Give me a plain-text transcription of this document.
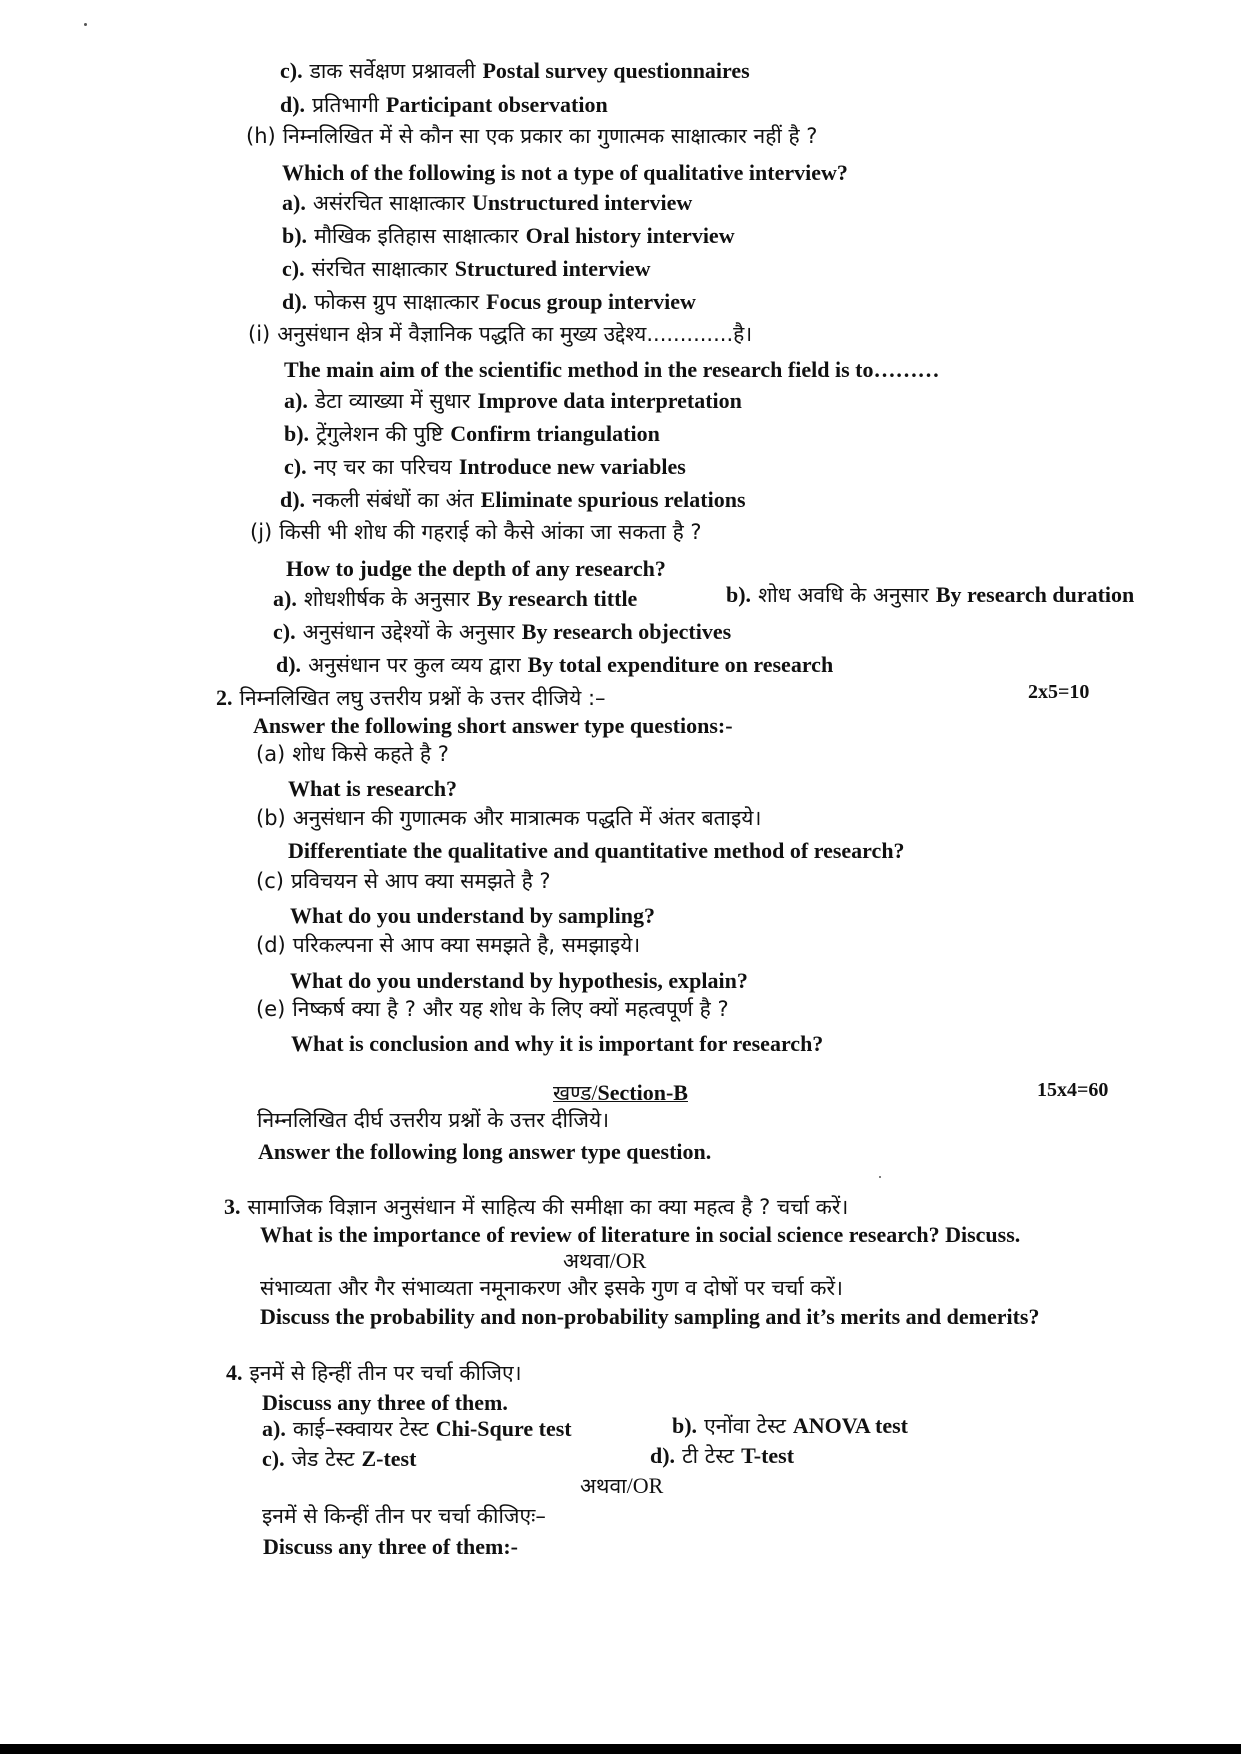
c). डाक सर्वेक्षण प्रश्नावली Postal survey questionnaires
d). प्रतिभागी Participant observation
(h) निम्नलिखित में से कौन सा एक प्रकार का गुणात्मक साक्षात्कार नहीं है ?
Which of the following is not a type of qualitative interview?
a). असंरचित साक्षात्कार Unstructured interview
b). मौखिक इतिहास साक्षात्कार Oral history interview
c). संरचित साक्षात्कार Structured interview
d). फोकस ग्रुप साक्षात्कार Focus group interview
(i) अनुसंधान क्षेत्र में वैज्ञानिक पद्धति का मुख्य उद्देश्य.............है।
The main aim of the scientific method in the research field is to………
a). डेटा व्याख्या में सुधार Improve data interpretation
b). ट्रेंगुलेशन की पुष्टि Confirm triangulation
c). नए चर का परिचय Introduce new variables
d). नकली संबंधों का अंत Eliminate spurious relations
(j) किसी भी शोध की गहराई को कैसे आंका जा सकता है ?
How to judge the depth of any research?
a). शोधशीर्षक के अनुसार By research tittle	b). शोध अवधि के अनुसार By research duration
c). अनुसंधान उद्देश्यों के अनुसार By research objectives
d). अनुसंधान पर कुल व्यय द्वारा By total expenditure on research
2. निम्नलिखित लघु उत्तरीय प्रश्नों के उत्तर दीजिये :–	2x5=10
Answer the following short answer type questions:-
(a) शोध किसे कहते है ?
What is research?
(b) अनुसंधान की गुणात्मक और मात्रात्मक पद्धति में अंतर बताइये।
Differentiate the qualitative and quantitative method of research?
(c) प्रविचयन से आप क्या समझते है ?
What do you understand by sampling?
(d) परिकल्पना से आप क्या समझते है, समझाइये।
What do you understand by hypothesis, explain?
(e) निष्कर्ष क्या है ? और यह शोध के लिए क्यों महत्वपूर्ण है ?
What is conclusion and why it is important for research?
खण्ड/Section-B	15x4=60
निम्नलिखित दीर्घ उत्तरीय प्रश्नों के उत्तर दीजिये।
Answer the following long answer type question.
3. सामाजिक विज्ञान अनुसंधान में साहित्य की समीक्षा का क्या महत्व है ? चर्चा करें।
What is the importance of review of literature in social science research? Discuss.
अथवा/OR
संभाव्यता और गैर संभाव्यता नमूनाकरण और इसके गुण व दोषों पर चर्चा करें।
Discuss the probability and non-probability sampling and it’s merits and demerits?
4. इनमें से हिन्हीं तीन पर चर्चा कीजिए।
Discuss any three of them.
a). काई–स्क्वायर टेस्ट Chi-Squre test	b). एनोंवा टेस्ट ANOVA test
c). जेड टेस्ट Z-test	d). टी टेस्ट T-test
अथवा/OR
इनमें से किन्हीं तीन पर चर्चा कीजिएः–
Discuss any three of them:-
